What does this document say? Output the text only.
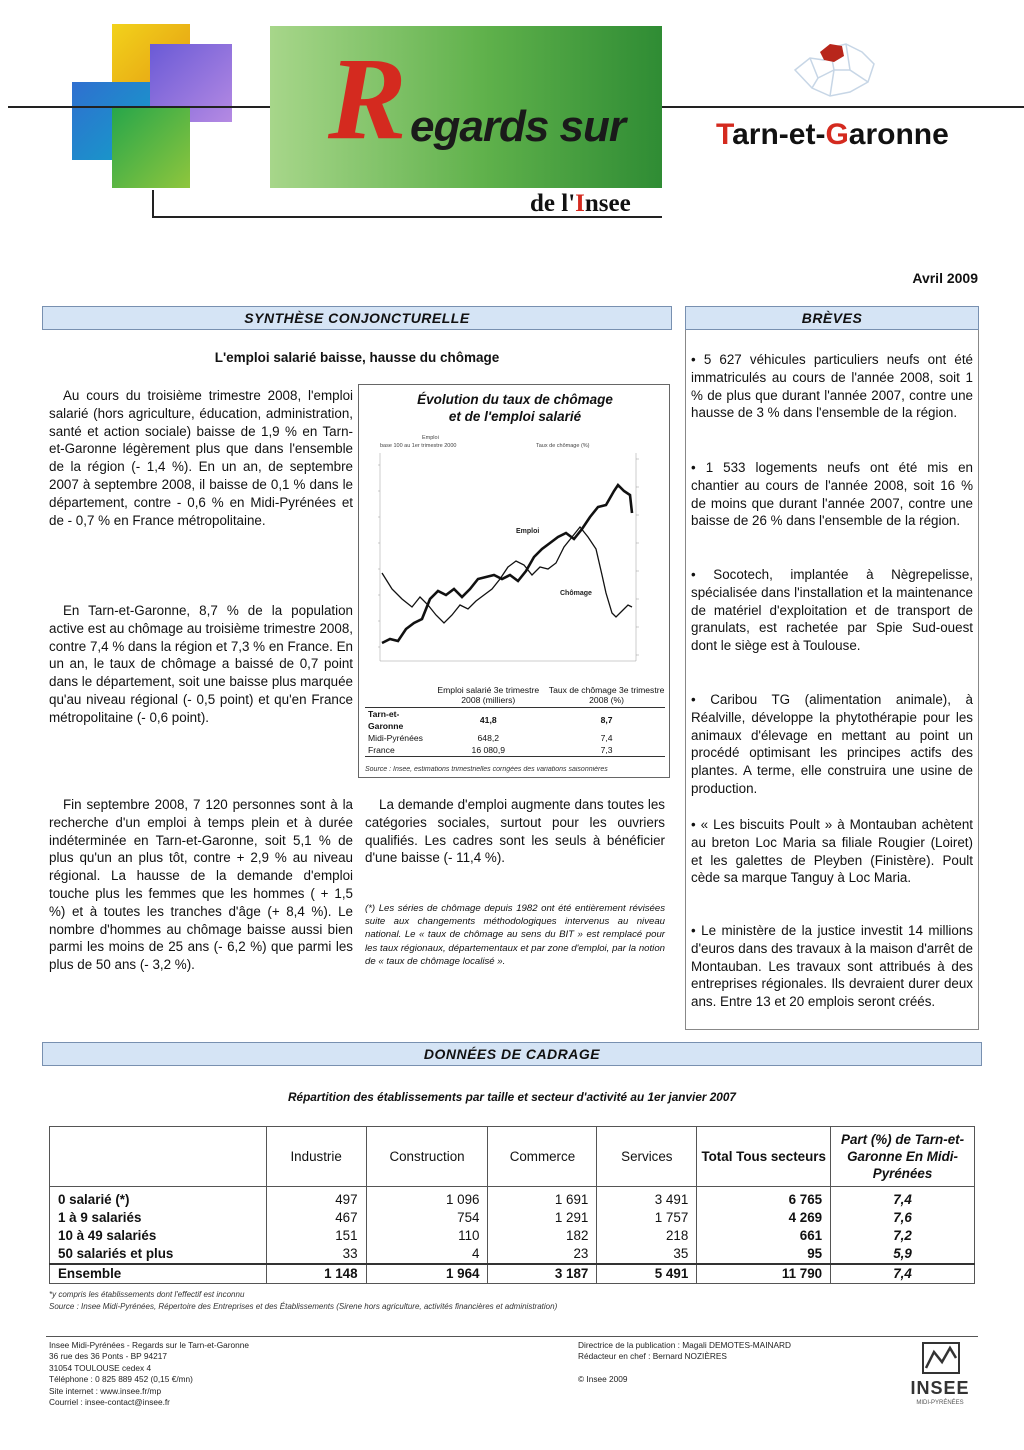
R egards sur
de l'Insee
Tarn-et-Garonne
Avril 2009
SYNTHÈSE CONJONCTURELLE	BRÈVES
L'emploi salarié baisse, hausse du chômage

Au cours du troisième trimestre 2008, l'emploi salarié (hors agriculture, éducation, administration, santé et action sociale) baisse de 1,9 % en Tarn-et-Garonne légèrement plus que dans l'ensemble de la région (- 1,4 %). En un an, de septembre 2007 à septembre 2008, il baisse de 0,1 % dans le département, contre - 0,6 % en Midi-Pyrénées et de - 0,7 % en France métropolitaine.

En Tarn-et-Garonne, 8,7 % de la population active est au chômage au troisième trimestre 2008, contre 7,4 % dans la région et 7,3 % en France. En un an, le taux de chômage a baissé de 0,7 point dans le département, soit une baisse plus marquée qu'au niveau régional (- 0,5 point) et qu'en France métropolitaine (- 0,6 point).

Fin septembre 2008, 7 120 personnes sont à la recherche d'un emploi à temps plein et à durée indéterminée en Tarn-et-Garonne, soit 5,1 % de plus qu'un an plus tôt, contre + 2,9 % au niveau régional. La hausse de la demande d'emploi touche plus les femmes que les hommes ( + 1,5 %) et à toutes les tranches d'âge (+ 8,4 %). Le nombre d'hommes au chômage baisse aussi bien parmi les moins de 25 ans (- 6,2 %) que parmi les plus de 50 ans (- 3,2 %).

La demande d'emploi augmente dans toutes les catégories sociales, surtout pour les ouvriers qualifiés. Les cadres sont les seuls à bénéficier d'une baisse (- 11,4 %).

(*) Les séries de chômage depuis 1982 ont été entièrement révisées suite aux changements méthodologiques intervenus au niveau national. Le « taux de chômage au sens du BIT » est remplacé pour les taux régionaux, départementaux et par zone d'emploi, par la notion de « taux de chômage localisé ».

Évolution du taux de chômage
et de l'emploi salarié
Emploi
base 100 au 1er trimestre 2000	Taux de chômage (%)
Emploi
Chômage
	Emploi salarié 3e trimestre 2008 (milliers)	Taux de chômage 3e trimestre 2008 (%)
Tarn-et-Garonne	41,8	8,7
Midi-Pyrénées	648,2	7,4
France	16 080,9	7,3
Source : Insee, estimations trimestrielles corrigées des variations saisonnières

• 5 627 véhicules particuliers neufs ont été immatriculés au cours de l'année 2008, soit 1 % de plus que durant l'année 2007, contre une hausse de 3 % dans l'ensemble de la région.

• 1 533 logements neufs ont été mis en chantier au cours de l'année 2008, soit 16 % de moins que durant l'année 2007, contre une baisse de 26 % dans l'ensemble de la région.

• Socotech, implantée à Nègrepelisse, spécialisée dans l'installation et la maintenance de matériel d'exploitation et de transport de granulats, est rachetée par Spie Sud-ouest dont le siège est à Toulouse.

• Caribou TG (alimentation animale), à Réalville, développe la phytothérapie pour les animaux d'élevage en mettant au point un procédé optimisant les principes actifs des plantes. A terme, elle construira une usine de production.

• « Les biscuits Poult » à Montauban achètent au breton Loc Maria sa filiale Rougier (Loiret) et les galettes de Pleyben (Finistère). Poult cède sa marque Tanguy à Loc Maria.

• Le ministère de la justice investit 14 millions d'euros dans des travaux à la maison d'arrêt de Montauban. Les travaux sont attribués à des entreprises régionales. Ils devraient durer deux ans. Entre 13 et 20 emplois seront créés.

DONNÉES DE CADRAGE
Répartition des établissements par taille et secteur d'activité au 1er janvier 2007
	Industrie	Construction	Commerce	Services	Total Tous secteurs	Part (%) de Tarn-et-Garonne En Midi-Pyrénées
0 salarié (*)	497	1 096	1 691	3 491	6 765	7,4
1 à 9 salariés	467	754	1 291	1 757	4 269	7,6
10 à 49 salariés	151	110	182	218	661	7,2
50 salariés et plus	33	4	23	35	95	5,9
Ensemble	1 148	1 964	3 187	5 491	11 790	7,4
*y compris les établissements dont l'effectif est inconnu
Source : Insee Midi-Pyrénées, Répertoire des Entreprises et des Établissements (Sirene hors agriculture, activités financières et administration)
Insee Midi-Pyrénées - Regards sur le Tarn-et-Garonne
36 rue des 36 Ponts - BP 94217
31054 TOULOUSE cedex 4
Téléphone : 0 825 889 452 (0,15 €/mn)
Site internet : www.insee.fr/mp
Courriel : insee-contact@insee.fr
Directrice de la publication : Magali DEMOTES-MAINARD
Rédacteur en chef : Bernard NOZIÈRES
© Insee 2009	INSEE
MIDI-PYRÉNÉES
